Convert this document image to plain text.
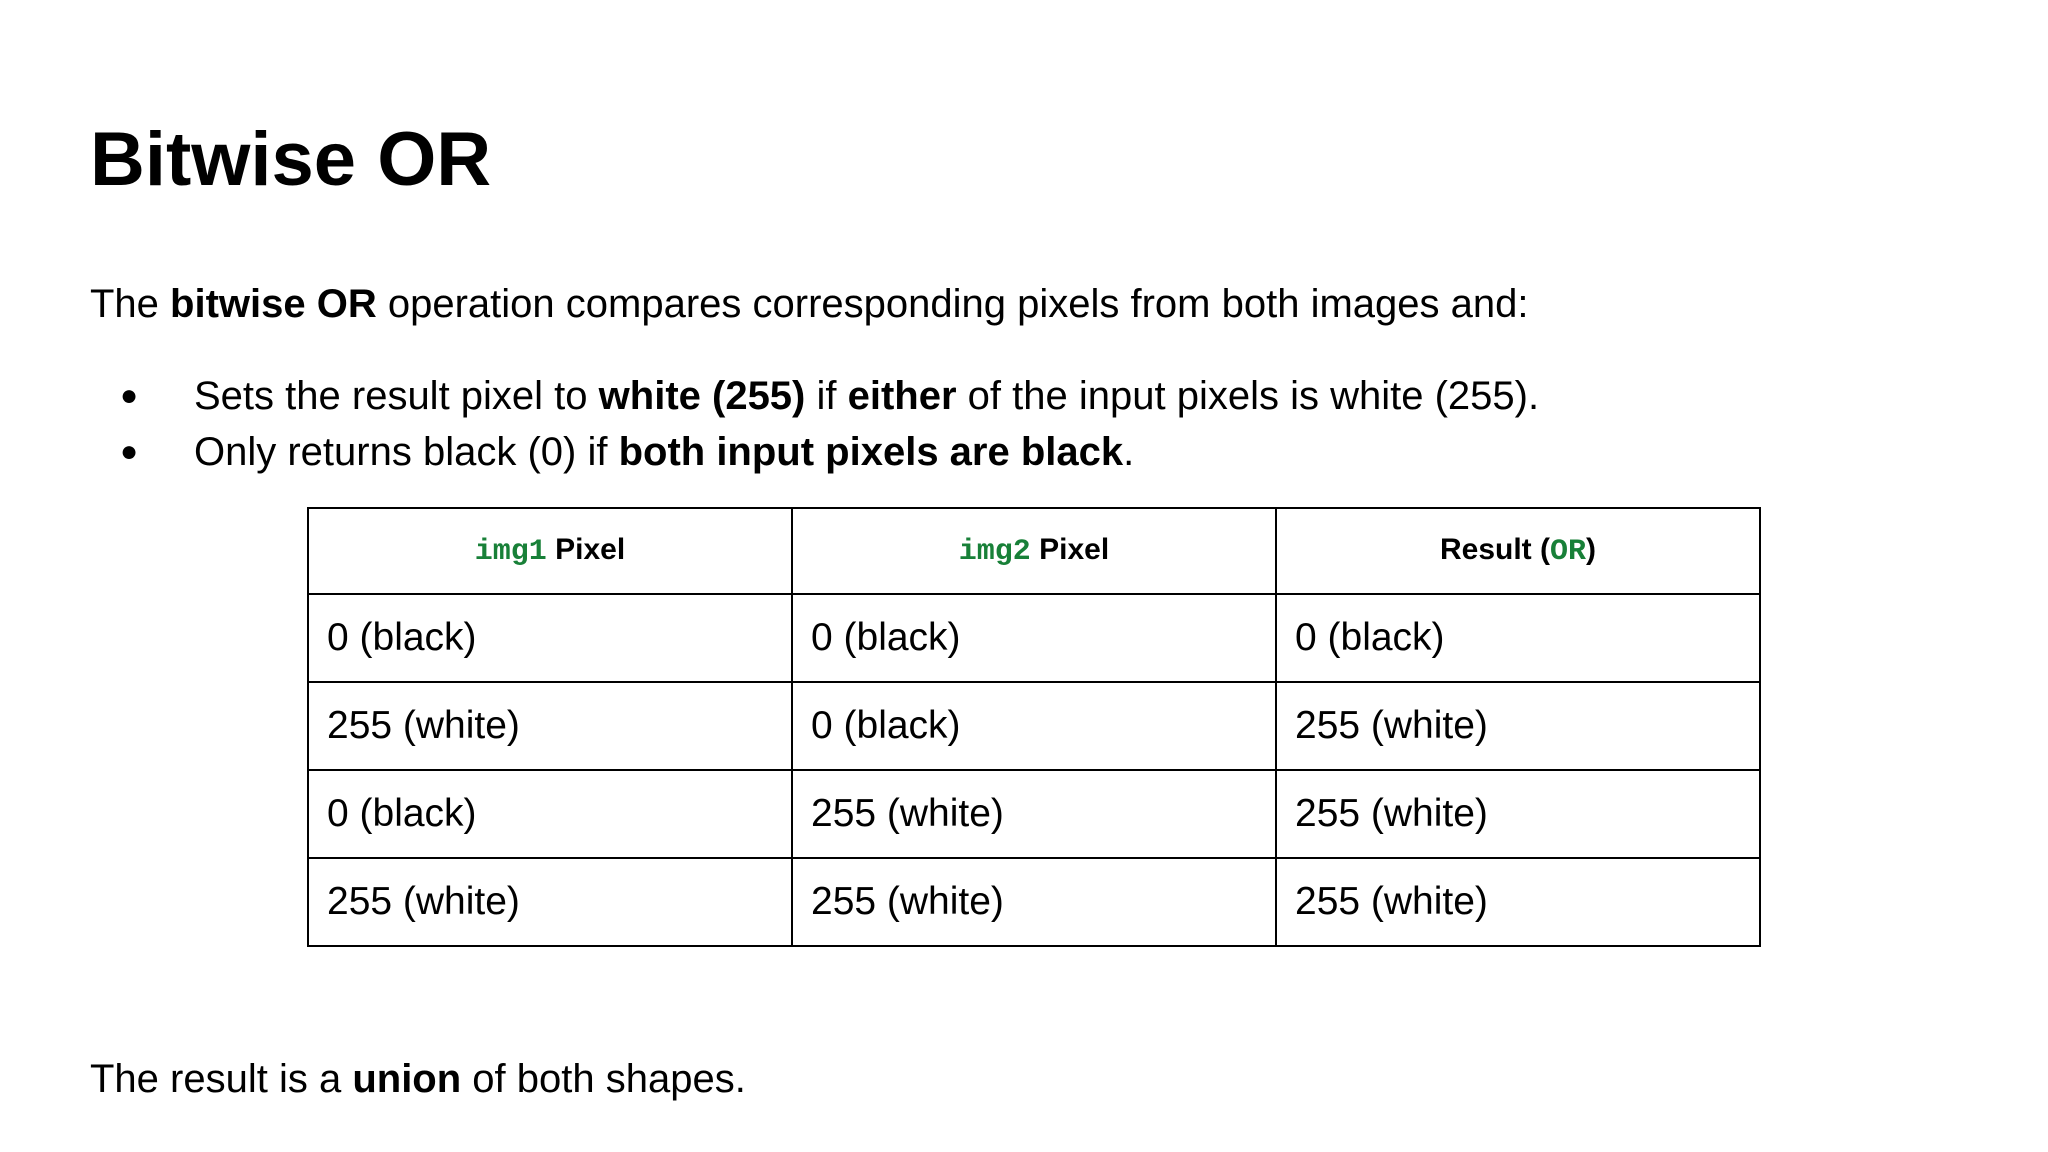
Bitwise OR

The bitwise OR operation compares corresponding pixels from both images and:

● Sets the result pixel to white (255) if either of the input pixels is white (255).
● Only returns black (0) if both input pixels are black.
img1 Pixel	img2 Pixel	Result (OR)
0 (black)	0 (black)	0 (black)
255 (white)	0 (black)	255 (white)
0 (black)	255 (white)	255 (white)
255 (white)	255 (white)	255 (white)

The result is a union of both shapes.
